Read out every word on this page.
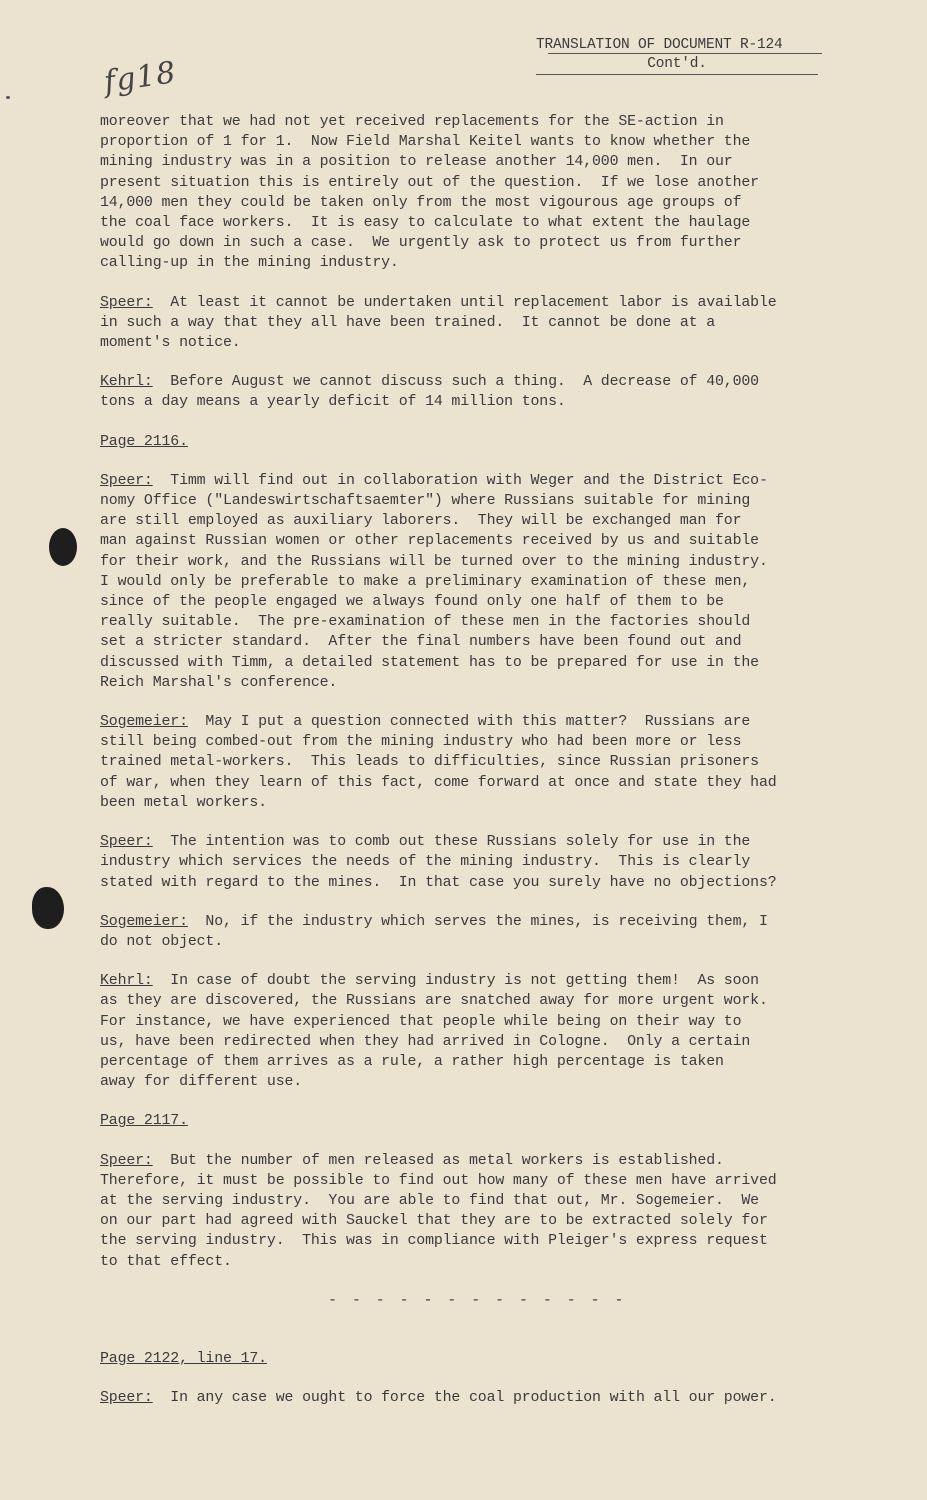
TRANSLATION OF DOCUMENT R-124
Cont'd.
fg18

moreover that we had not yet received replacements for the SE-action in
proportion of 1 for 1.  Now Field Marshal Keitel wants to know whether the
mining industry was in a position to release another 14,000 men.  In our
present situation this is entirely out of the question.  If we lose another
14,000 men they could be taken only from the most vigourous age groups of
the coal face workers.  It is easy to calculate to what extent the haulage
would go down in such a case.  We urgently ask to protect us from further
calling-up in the mining industry.

Speer:  At least it cannot be undertaken until replacement labor is available
in such a way that they all have been trained.  It cannot be done at a
moment's notice.

Kehrl:  Before August we cannot discuss such a thing.  A decrease of 40,000
tons a day means a yearly deficit of 14 million tons.

Page 2116.

Speer:  Timm will find out in collaboration with Weger and the District Eco-
nomy Office ("Landeswirtschaftsaemter") where Russians suitable for mining
are still employed as auxiliary laborers.  They will be exchanged man for
man against Russian women or other replacements received by us and suitable
for their work, and the Russians will be turned over to the mining industry.
I would only be preferable to make a preliminary examination of these men,
since of the people engaged we always found only one half of them to be
really suitable.  The pre-examination of these men in the factories should
set a stricter standard.  After the final numbers have been found out and
discussed with Timm, a detailed statement has to be prepared for use in the
Reich Marshal's conference.

Sogemeier:  May I put a question connected with this matter?  Russians are
still being combed-out from the mining industry who had been more or less
trained metal-workers.  This leads to difficulties, since Russian prisoners
of war, when they learn of this fact, come forward at once and state they had
been metal workers.

Speer:  The intention was to comb out these Russians solely for use in the
industry which services the needs of the mining industry.  This is clearly
stated with regard to the mines.  In that case you surely have no objections?

Sogemeier:  No, if the industry which serves the mines, is receiving them, I
do not object.

Kehrl:  In case of doubt the serving industry is not getting them!  As soon
as they are discovered, the Russians are snatched away for more urgent work.
For instance, we have experienced that people while being on their way to
us, have been redirected when they had arrived in Cologne.  Only a certain
percentage of them arrives as a rule, a rather high percentage is taken
away for different use.

Page 2117.

Speer:  But the number of men released as metal workers is established.
Therefore, it must be possible to find out how many of these men have arrived
at the serving industry.  You are able to find that out, Mr. Sogemeier.  We
on our part had agreed with Sauckel that they are to be extracted solely for
the serving industry.  This was in compliance with Pleiger's express request
to that effect.

- - - - - - - - - - - - -

Page 2122, line 17.

Speer:  In any case we ought to force the coal production with all our power.
